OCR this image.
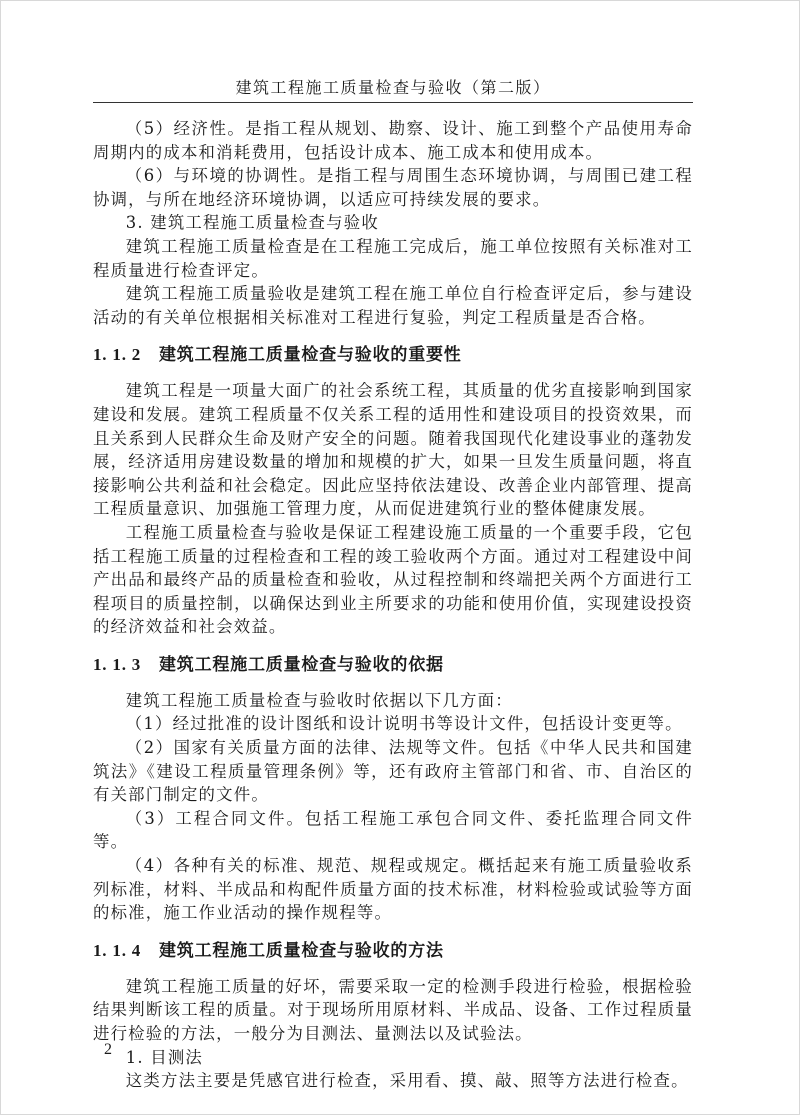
建筑工程施工质量检查与验收（第二版）

（5）经济性。是指工程从规划、勘察、设计、施工到整个产品使用寿命周期内的成本和消耗费用，包括设计成本、施工成本和使用成本。

（6）与环境的协调性。是指工程与周围生态环境协调，与周围已建工程协调，与所在地经济环境协调，以适应可持续发展的要求。

3. 建筑工程施工质量检查与验收

建筑工程施工质量检查是在工程施工完成后，施工单位按照有关标准对工程质量进行检查评定。

建筑工程施工质量验收是建筑工程在施工单位自行检查评定后，参与建设活动的有关单位根据相关标准对工程进行复验，判定工程质量是否合格。

1. 1. 2 建筑工程施工质量检查与验收的重要性

建筑工程是一项量大面广的社会系统工程，其质量的优劣直接影响到国家建设和发展。建筑工程质量不仅关系工程的适用性和建设项目的投资效果，而且关系到人民群众生命及财产安全的问题。随着我国现代化建设事业的蓬勃发展，经济适用房建设数量的增加和规模的扩大，如果一旦发生质量问题，将直接影响公共利益和社会稳定。因此应坚持依法建设、改善企业内部管理、提高工程质量意识、加强施工管理力度，从而促进建筑行业的整体健康发展。

工程施工质量检查与验收是保证工程建设施工质量的一个重要手段，它包括工程施工质量的过程检查和工程的竣工验收两个方面。通过对工程建设中间产出品和最终产品的质量检查和验收，从过程控制和终端把关两个方面进行工程项目的质量控制，以确保达到业主所要求的功能和使用价值，实现建设投资的经济效益和社会效益。

1. 1. 3 建筑工程施工质量检查与验收的依据

建筑工程施工质量检查与验收时依据以下几方面：

（1）经过批准的设计图纸和设计说明书等设计文件，包括设计变更等。

（2）国家有关质量方面的法律、法规等文件。包括《中华人民共和国建筑法》《建设工程质量管理条例》等，还有政府主管部门和省、市、自治区的有关部门制定的文件。

（3）工程合同文件。包括工程施工承包合同文件、委托监理合同文件等。

（4）各种有关的标准、规范、规程或规定。概括起来有施工质量验收系列标准，材料、半成品和构配件质量方面的技术标准，材料检验或试验等方面的标准，施工作业活动的操作规程等。

1. 1. 4 建筑工程施工质量检查与验收的方法

建筑工程施工质量的好坏，需要采取一定的检测手段进行检验，根据检验结果判断该工程的质量。对于现场所用原材料、半成品、设备、工作过程质量进行检验的方法，一般分为目测法、量测法以及试验法。

1. 目测法

这类方法主要是凭感官进行检查，采用看、摸、敲、照等方法进行检查。

2
